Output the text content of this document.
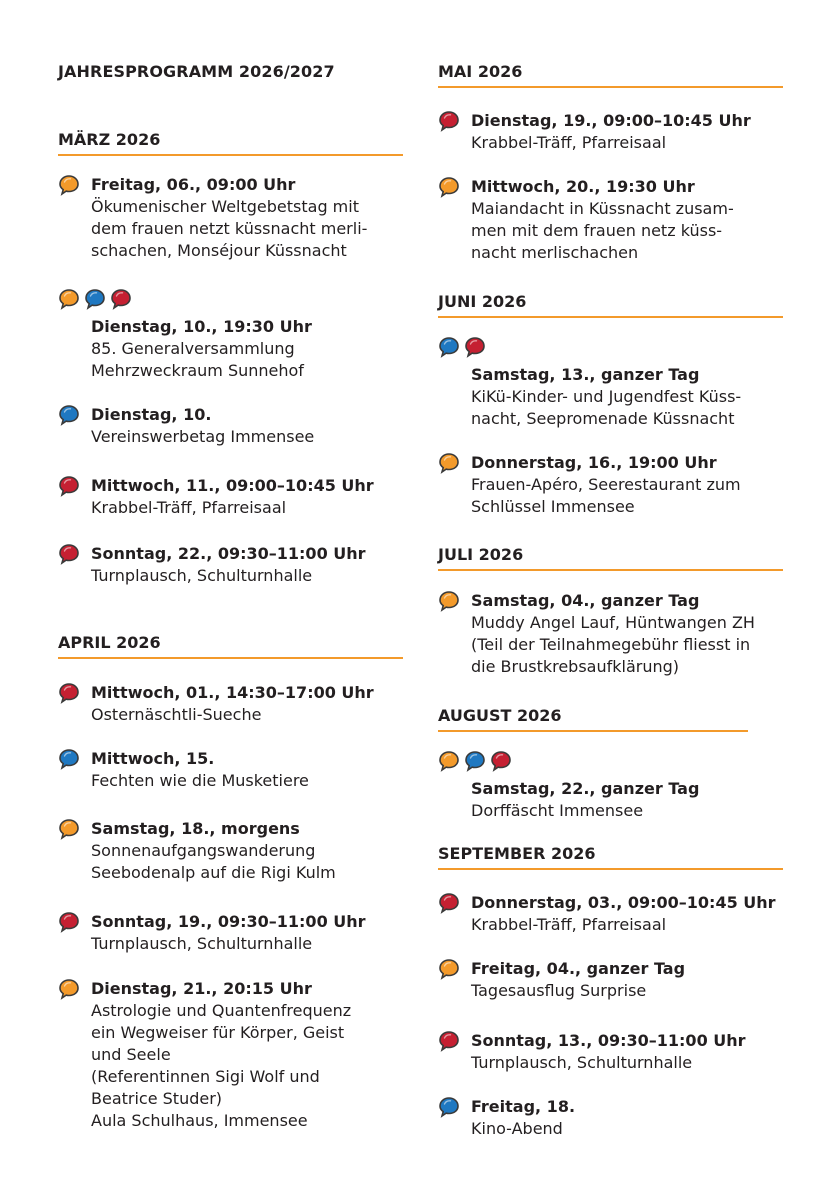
JAHRESPROGRAMM 2026/2027
MÄRZ 2026
Freitag, 06., 09:00 Uhr
Ökumenischer Weltgebetstag mit
dem frauen netzt küssnacht merli-
schachen, Monséjour Küssnacht
Dienstag, 10., 19:30 Uhr
85. Generalversammlung
Mehrzweckraum Sunnehof
Dienstag, 10.
Vereinswerbetag Immensee
Mittwoch, 11., 09:00–10:45 Uhr
Krabbel-Träff, Pfarreisaal
Sonntag, 22., 09:30–11:00 Uhr
Turnplausch, Schulturnhalle
APRIL 2026
Mittwoch, 01., 14:30–17:00 Uhr
Osternäschtli-Sueche
Mittwoch, 15.
Fechten wie die Musketiere
Samstag, 18., morgens
Sonnenaufgangswanderung
Seebodenalp auf die Rigi Kulm
Sonntag, 19., 09:30–11:00 Uhr
Turnplausch, Schulturnhalle
Dienstag, 21., 20:15 Uhr
Astrologie und Quantenfrequenz
ein Wegweiser für Körper, Geist
und Seele
(Referentinnen Sigi Wolf und
Beatrice Studer)
Aula Schulhaus, Immensee
MAI 2026
Dienstag, 19., 09:00–10:45 Uhr
Krabbel-Träff, Pfarreisaal
Mittwoch, 20., 19:30 Uhr
Maiandacht in Küssnacht zusam-
men mit dem frauen netz küss-
nacht merlischachen
JUNI 2026
Samstag, 13., ganzer Tag
KiKü-Kinder- und Jugendfest Küss-
nacht, Seepromenade Küssnacht
Donnerstag, 16., 19:00 Uhr
Frauen-Apéro, Seerestaurant zum
Schlüssel Immensee
JULI 2026
Samstag, 04., ganzer Tag
Muddy Angel Lauf, Hüntwangen ZH
(Teil der Teilnahmegebühr fliesst in
die Brustkrebsaufklärung)
AUGUST 2026
Samstag, 22., ganzer Tag
Dorffäscht Immensee
SEPTEMBER 2026
Donnerstag, 03., 09:00–10:45 Uhr
Krabbel-Träff, Pfarreisaal
Freitag, 04., ganzer Tag
Tagesausflug Surprise
Sonntag, 13., 09:30–11:00 Uhr
Turnplausch, Schulturnhalle
Freitag, 18.
Kino-Abend
